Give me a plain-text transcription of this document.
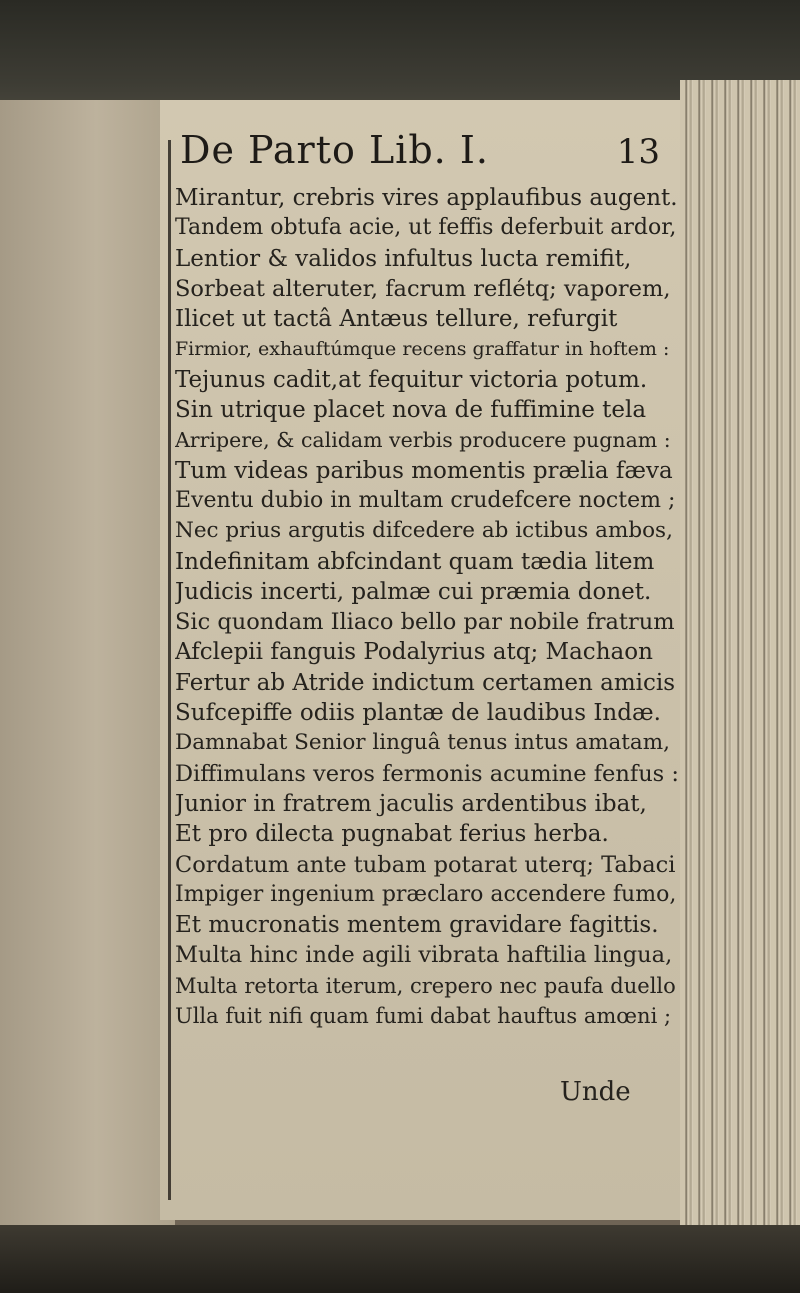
De Parto Lib. I.	13
Mirantur, crebris vires applaufibus augent.
Tandem obtufa acie, ut feffis deferbuit ardor,
Lentior & validos infultus lucta remifit,
Sorbeat alteruter, facrum reflétq; vaporem,
Ilicet ut tactâ Antæus tellure, refurgit
Firmior, exhauftúmque recens graffatur in hoftem :
Tejunus cadit,at fequitur victoria potum.
Sin utrique placet nova de fuffimine tela
Arripere, & calidam verbis producere pugnam :
Tum videas paribus momentis prælia fæva
Eventu dubio in multam crudefcere noctem ;
Nec prius argutis difcedere ab ictibus ambos,
Indefinitam abfcindant quam tædia litem
Judicis incerti, palmæ cui præmia donet.
Sic quondam Iliaco bello par nobile fratrum
Afclepii fanguis Podalyrius atq; Machaon
Fertur ab Atride indictum certamen amicis
Sufcepiffe odiis plantæ de laudibus Indæ.
Damnabat Senior linguâ tenus intus amatam,
Diffimulans veros fermonis acumine fenfus :
Junior in fratrem jaculis ardentibus ibat,
Et pro dilecta pugnabat ferius herba.
Cordatum ante tubam potarat uterq; Tabaci
Impiger ingenium præclaro accendere fumo,
Et mucronatis mentem gravidare fagittis.
Multa hinc inde agili vibrata haftilia lingua,
Multa retorta iterum, crepero nec paufa duello
Ulla fuit nifi quam fumi dabat hauftus amœni ;
Unde
